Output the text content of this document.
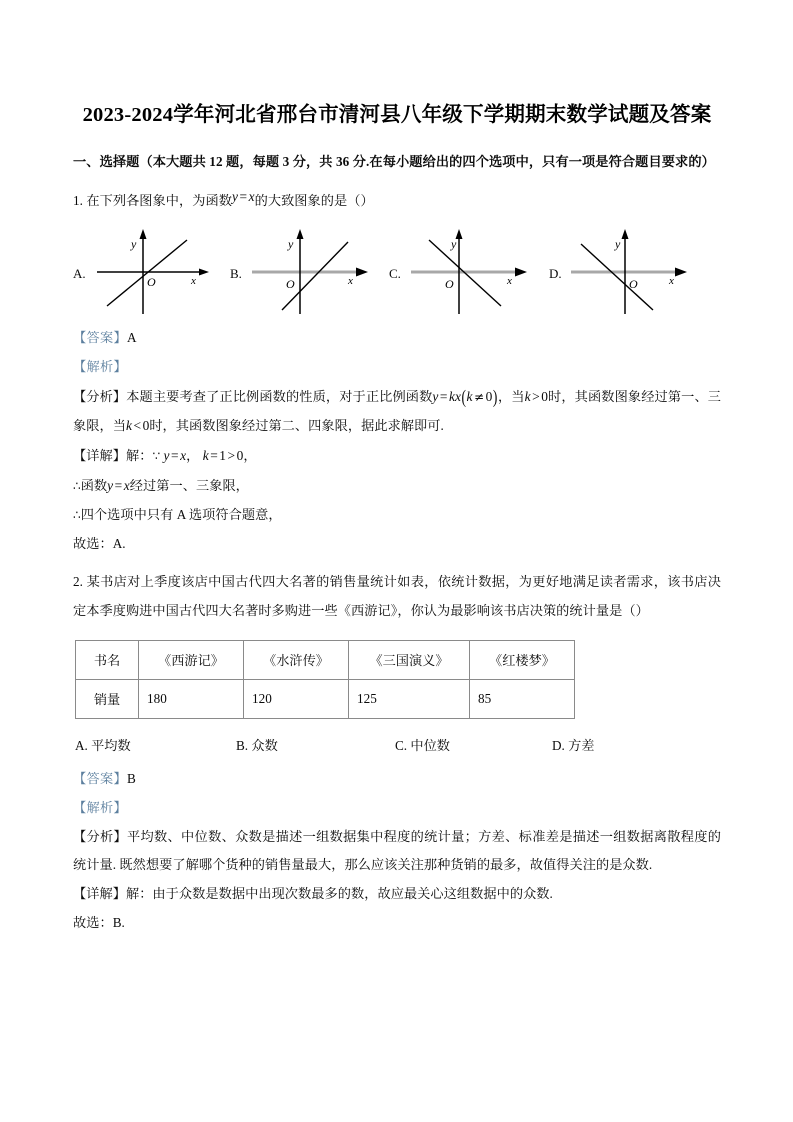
2023-2024学年河北省邢台市清河县八年级下学期期末数学试题及答案

一、选择题（本大题共 12 题，每题 3 分，共 36 分.在每小题给出的四个选项中，只有一项是符合题目要求的）

1. 在下列各图象中，为函数y = x的大致图象的是（）

A.
y
x
O
B.
y
x
O
C.
y
x
O
D.
y
x
O

【答案】A

【解析】

【分析】本题主要考查了正比例函数的性质，对于正比例函数y = kx(k ≠ 0)，当k > 0时，其函数图象经过第一、三象限，当k < 0时，其函数图象经过第二、四象限，据此求解即可.

【详解】解：∵ y = x， k = 1 > 0，

∴函数y = x经过第一、三象限，

∴四个选项中只有 A 选项符合题意，

故选：A.

2. 某书店对上季度该店中国古代四大名著的销售量统计如表，依统计数据，为更好地满足读者需求，该书店决定本季度购进中国古代四大名著时多购进一些《西游记》，你认为最影响该书店决策的统计量是（）

书名	《西游记》	《水浒传》	《三国演义》	《红楼梦》
销量	180	120	125	85
A. 平均数	B. 众数	C. 中位数	D. 方差

【答案】B

【解析】

【分析】平均数、中位数、众数是描述一组数据集中程度的统计量；方差、标准差是描述一组数据离散程度的统计量. 既然想要了解哪个货种的销售量最大，那么应该关注那种货销的最多，故值得关注的是众数.

【详解】解：由于众数是数据中出现次数最多的数，故应最关心这组数据中的众数.

故选：B.
